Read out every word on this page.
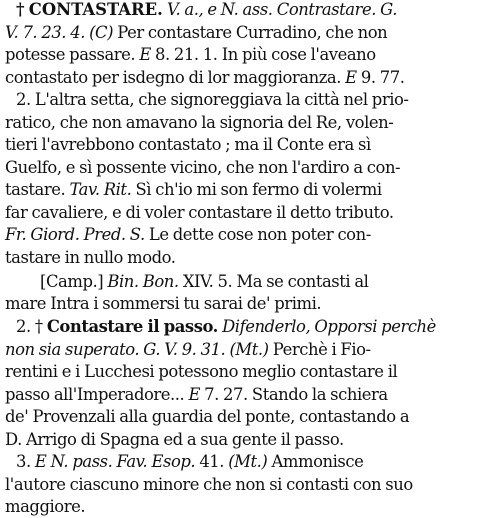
† CONTASTARE. V. a., e N. ass. Contrastare. G.
V. 7. 23. 4. (C) Per contastare Curradino, che non
potesse passare. E 8. 21. 1. In più cose l'aveano
contastato per isdegno di lor maggioranza. E 9. 77.
2. L'altra setta, che signoreggiava la città nel prio-
ratico, che non amavano la signoria del Re, volen-
tieri l'avrebbono contastato ; ma il Conte era sì
Guelfo, e sì possente vicino, che non l'ardiro a con-
tastare. Tav. Rit. Sì ch'io mi son fermo di volermi
far cavaliere, e di voler contastare il detto tributo.
Fr. Giord. Pred. S. Le dette cose non poter con-
tastare in nullo modo.
[Camp.] Bin. Bon. XIV. 5. Ma se contasti al
mare Intra i sommersi tu sarai de' primi.
2. † Contastare il passo. Difenderlo, Opporsi perchè
non sia superato. G. V. 9. 31. (Mt.) Perchè i Fio-
rentini e i Lucchesi potessono meglio contastare il
passo all'Imperadore... E 7. 27. Stando la schiera
de' Provenzali alla guardia del ponte, contastando a
D. Arrigo di Spagna ed a sua gente il passo.
3. E N. pass. Fav. Esop. 41. (Mt.) Ammonisce
l'autore ciascuno minore che non si contasti con suo
maggiore.
